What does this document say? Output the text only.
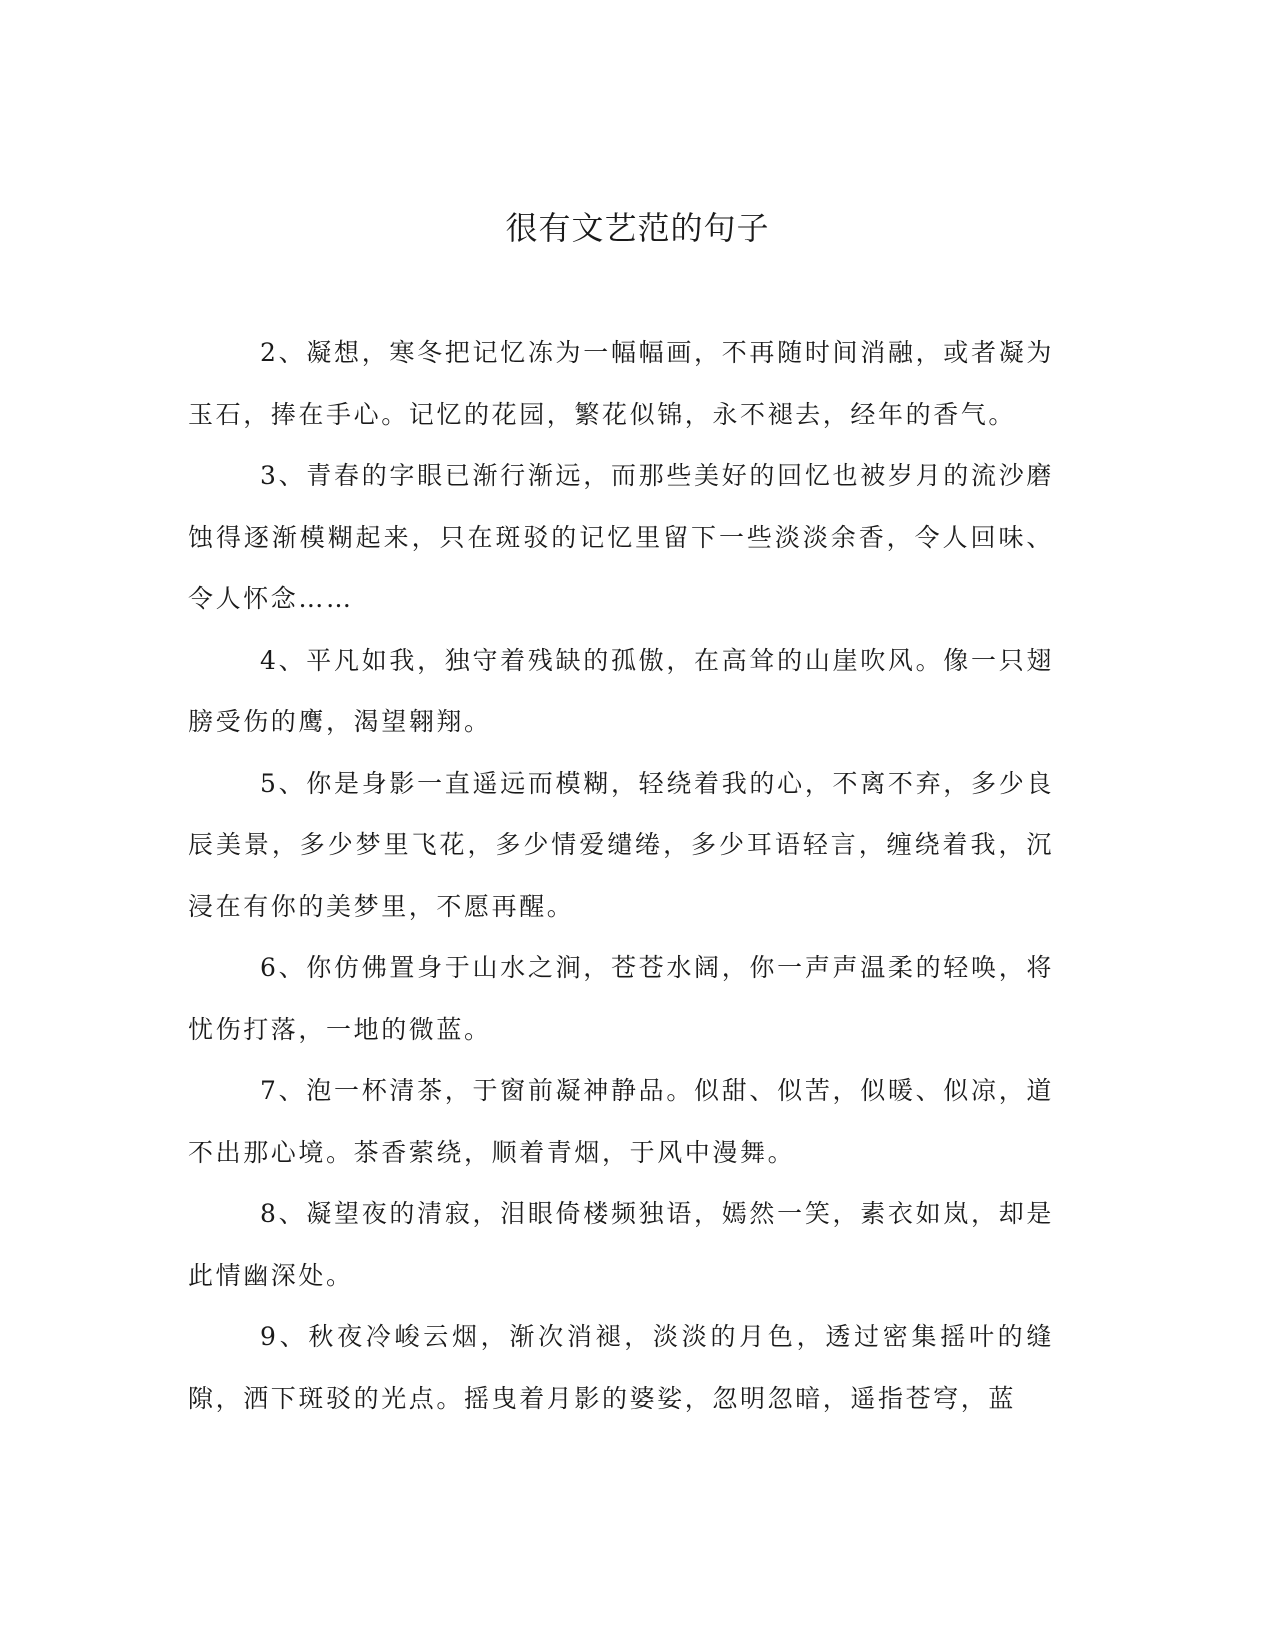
很有文艺范的句子

2、凝想，寒冬把记忆冻为一幅幅画，不再随时间消融，或者凝为玉石，捧在手心。记忆的花园，繁花似锦，永不褪去，经年的香气。

3、青春的字眼已渐行渐远，而那些美好的回忆也被岁月的流沙磨蚀得逐渐模糊起来，只在斑驳的记忆里留下一些淡淡余香，令人回味、令人怀念……

4、平凡如我，独守着残缺的孤傲，在高耸的山崖吹风。像一只翅膀受伤的鹰，渴望翱翔。

5、你是身影一直遥远而模糊，轻绕着我的心，不离不弃，多少良辰美景，多少梦里飞花，多少情爱缱绻，多少耳语轻言，缠绕着我，沉浸在有你的美梦里，不愿再醒。

6、你仿佛置身于山水之涧，苍苍水阔，你一声声温柔的轻唤，将忧伤打落，一地的微蓝。

7、泡一杯清茶，于窗前凝神静品。似甜、似苦，似暖、似凉，道不出那心境。茶香萦绕，顺着青烟，于风中漫舞。

8、凝望夜的清寂，泪眼倚楼频独语，嫣然一笑，素衣如岚，却是此情幽深处。

9、秋夜冷峻云烟，渐次消褪，淡淡的月色，透过密集摇叶的缝隙，洒下斑驳的光点。摇曳着月影的婆娑，忽明忽暗，遥指苍穹，蓝
